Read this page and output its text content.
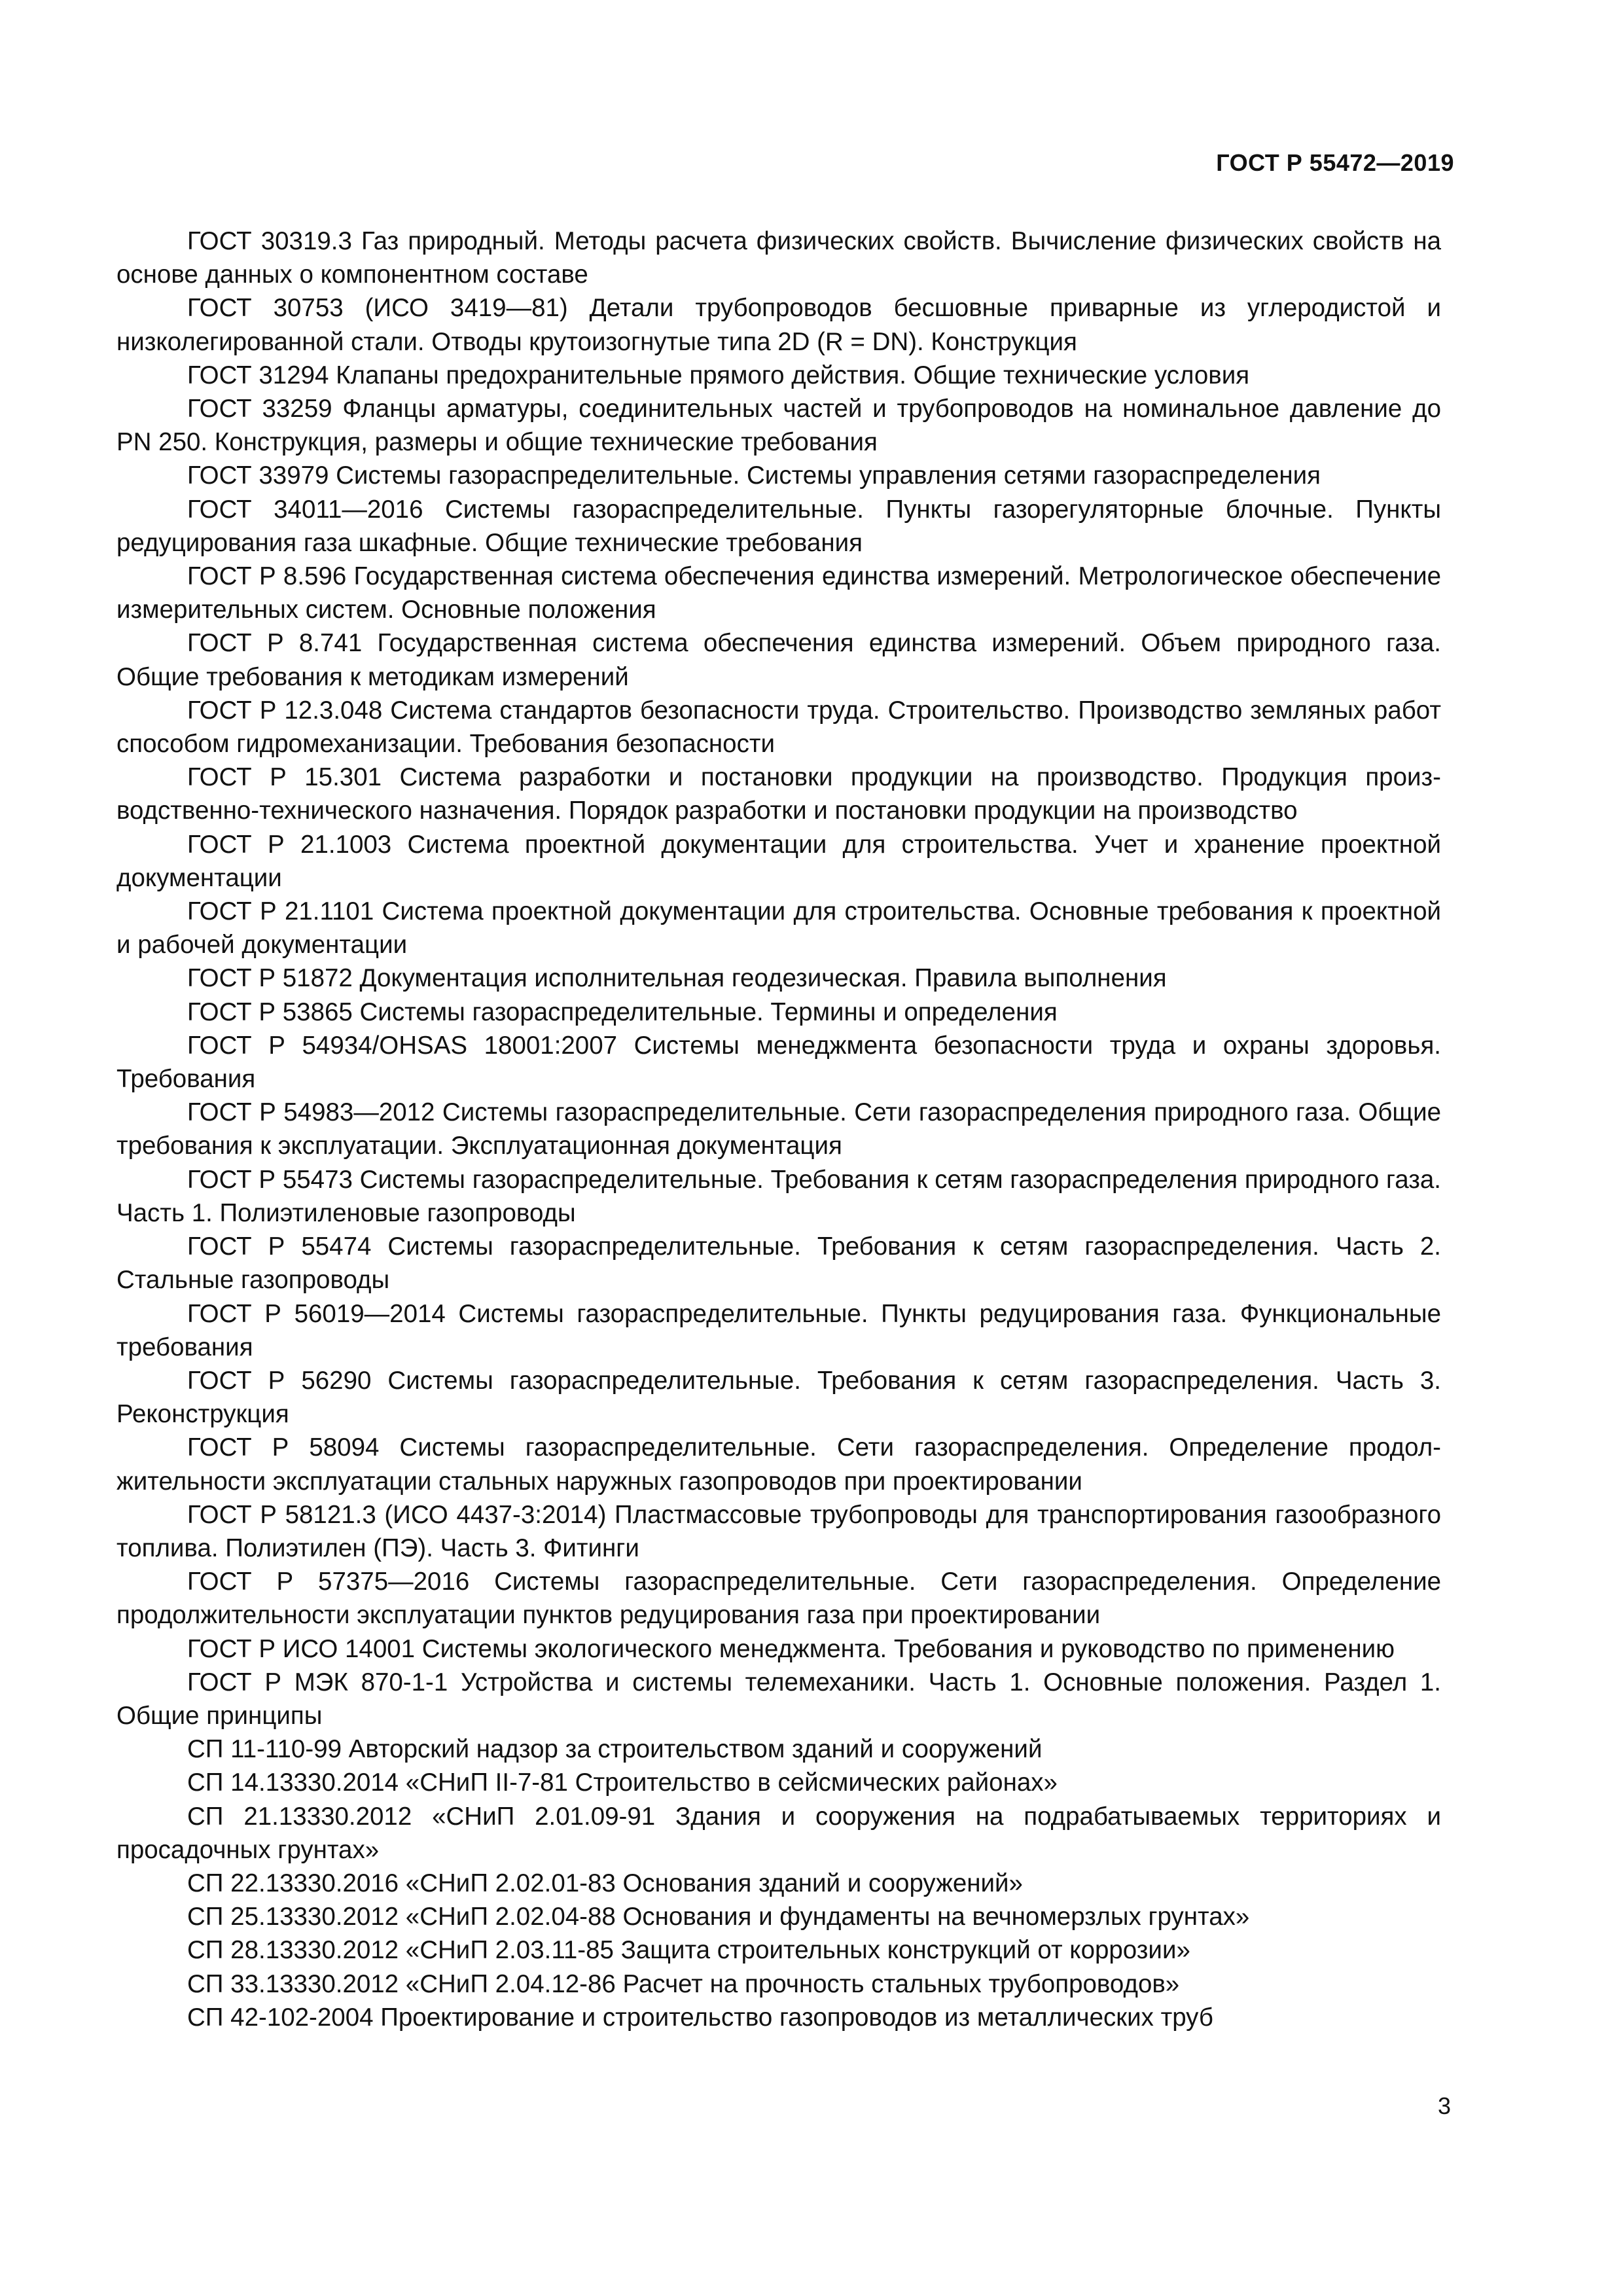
ГОСТ Р 55472—2019
ГОСТ 30319.3 Газ природный. Методы расчета физических свойств. Вычисление физических свойств на основе данных о компонентном составе
ГОСТ 30753 (ИСО 3419—81) Детали трубопроводов бесшовные приварные из углеродистой и низколегированной стали. Отводы крутоизогнутые типа 2D (R = DN). Конструкция
ГОСТ 31294 Клапаны предохранительные прямого действия. Общие технические условия
ГОСТ 33259 Фланцы арматуры, соединительных частей и трубопроводов на номинальное давление до PN 250. Конструкция, размеры и общие технические требования
ГОСТ 33979 Системы газораспределительные. Системы управления сетями газораспределения
ГОСТ 34011—2016 Системы газораспределительные. Пункты газорегуляторные блочные. Пункты редуцирования газа шкафные. Общие технические требования
ГОСТ Р 8.596 Государственная система обеспечения единства измерений. Метрологическое обеспечение измерительных систем. Основные положения
ГОСТ Р 8.741 Государственная система обеспечения единства измерений. Объем природного газа. Общие требования к методикам измерений
ГОСТ Р 12.3.048 Система стандартов безопасности труда. Строительство. Производство земляных работ способом гидромеханизации. Требования безопасности
ГОСТ Р 15.301 Система разработки и постановки продукции на производство. Продукция производственно-технического назначения. Порядок разработки и постановки продукции на производство
ГОСТ Р 21.1003 Система проектной документации для строительства. Учет и хранение проектной документации
ГОСТ Р 21.1101 Система проектной документации для строительства. Основные требования к проектной и рабочей документации
ГОСТ Р 51872 Документация исполнительная геодезическая. Правила выполнения
ГОСТ Р 53865 Системы газораспределительные. Термины и определения
ГОСТ Р 54934/OHSAS 18001:2007 Системы менеджмента безопасности труда и охраны здоровья. Требования
ГОСТ Р 54983—2012 Системы газораспределительные. Сети газораспределения природного газа. Общие требования к эксплуатации. Эксплуатационная документация
ГОСТ Р 55473 Системы газораспределительные. Требования к сетям газораспределения природного газа. Часть 1. Полиэтиленовые газопроводы
ГОСТ Р 55474 Системы газораспределительные. Требования к сетям газораспределения. Часть 2. Стальные газопроводы
ГОСТ Р 56019—2014 Системы газораспределительные. Пункты редуцирования газа. Функциональные требования
ГОСТ Р 56290 Системы газораспределительные. Требования к сетям газораспределения. Часть 3. Реконструкция
ГОСТ Р 58094 Системы газораспределительные. Сети газораспределения. Определение продолжительности эксплуатации стальных наружных газопроводов при проектировании
ГОСТ Р 58121.3 (ИСО 4437-3:2014) Пластмассовые трубопроводы для транспортирования газообразного топлива. Полиэтилен (ПЭ). Часть 3. Фитинги
ГОСТ Р 57375—2016 Системы газораспределительные. Сети газораспределения. Определение продолжительности эксплуатации пунктов редуцирования газа при проектировании
ГОСТ Р ИСО 14001 Системы экологического менеджмента. Требования и руководство по применению
ГОСТ Р МЭК 870-1-1 Устройства и системы телемеханики. Часть 1. Основные положения. Раздел 1. Общие принципы
СП 11-110-99 Авторский надзор за строительством зданий и сооружений
СП 14.13330.2014 «СНиП II-7-81 Строительство в сейсмических районах»
СП 21.13330.2012 «СНиП 2.01.09-91 Здания и сооружения на подрабатываемых территориях и просадочных грунтах»
СП 22.13330.2016 «СНиП 2.02.01-83 Основания зданий и сооружений»
СП 25.13330.2012 «СНиП 2.02.04-88 Основания и фундаменты на вечномерзлых грунтах»
СП 28.13330.2012 «СНиП 2.03.11-85 Защита строительных конструкций от коррозии»
СП 33.13330.2012 «СНиП 2.04.12-86 Расчет на прочность стальных трубопроводов»
СП 42-102-2004 Проектирование и строительство газопроводов из металлических труб
3
